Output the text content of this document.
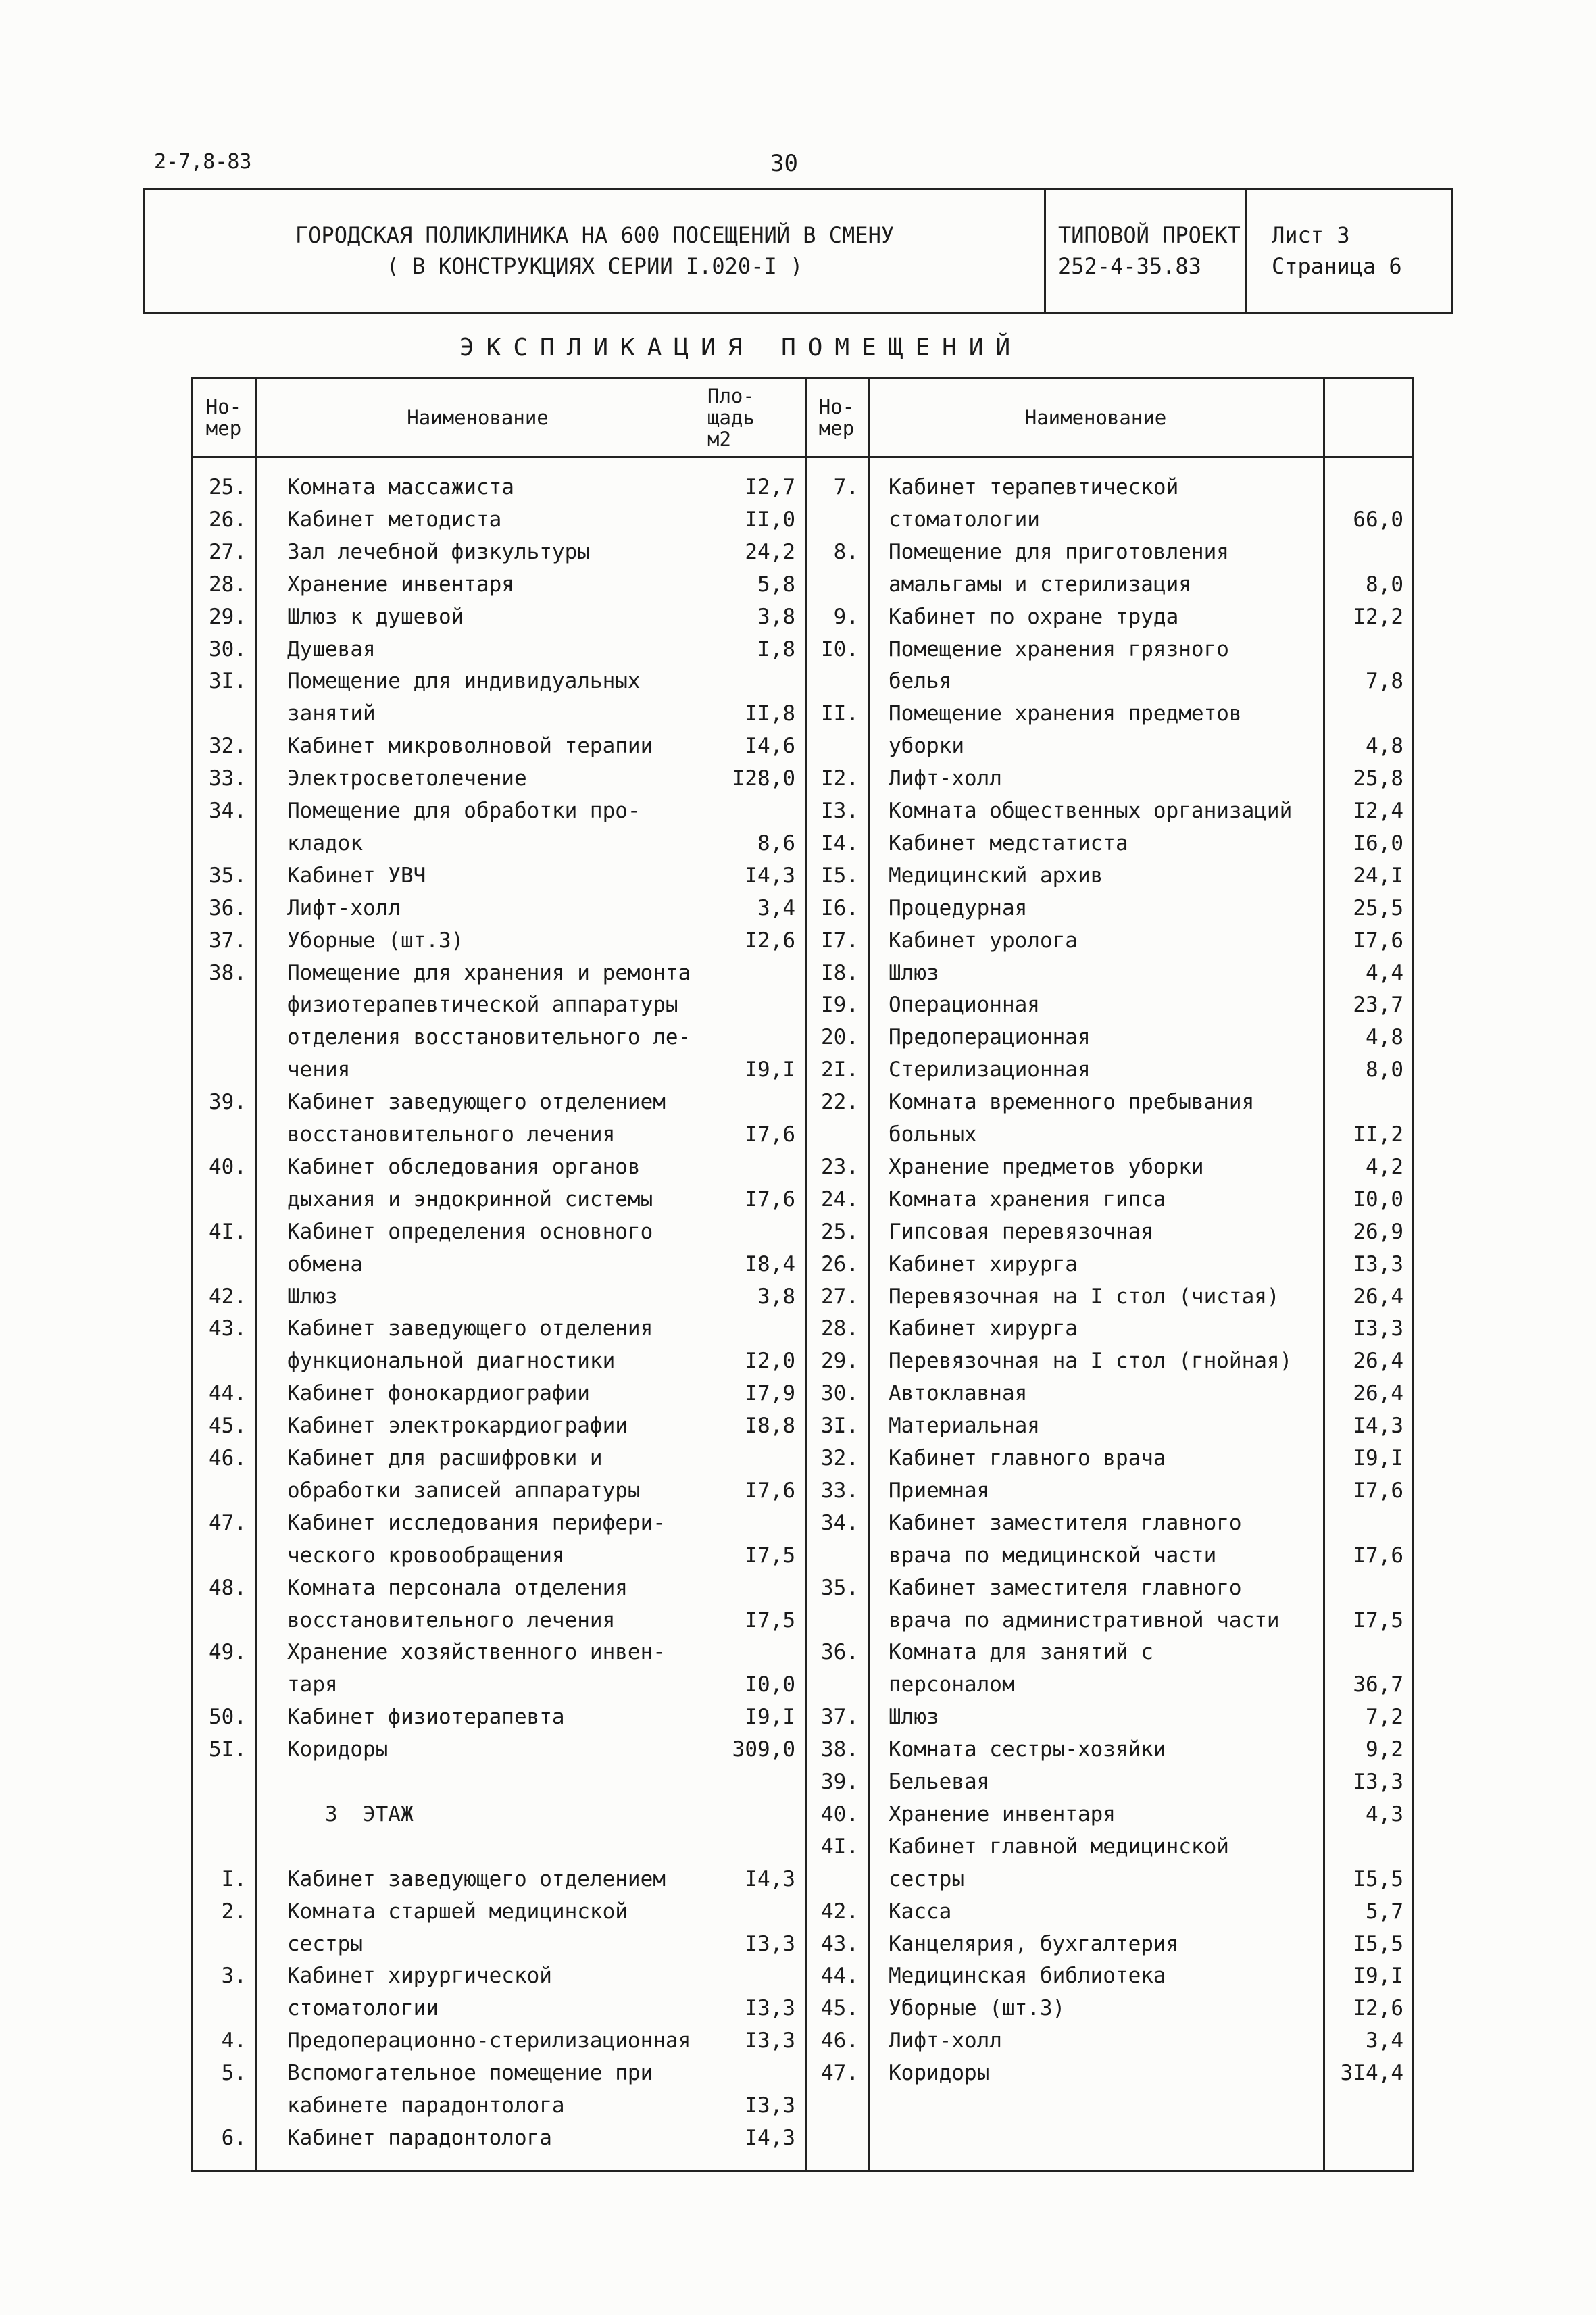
2-7,8-83	30
ГОРОДСКАЯ ПОЛИКЛИНИКА НА 600 ПОСЕЩЕНИЙ В СМЕНУ
( В КОНСТРУКЦИЯХ СЕРИИ I.020-I )
ТИПОВОЙ ПРОЕКТ
252-4-35.83
Лист 3
Страница 6
ЭКСПЛИКАЦИЯ ПОМЕЩЕНИЙ
Но-
мер	Наименование
Пло-
щадь
м2
Но-
мер	Наименование
25. Комната массажиста	I2,7
26. Кабинет методиста	II,0
27. Зал лечебной физкультуры	24,2
28. Хранение инвентаря	5,8
29. Шлюз к душевой	3,8
30. Душевая	I,8
3I. Помещение для индивидуальных
занятий	II,8
32. Кабинет микроволновой терапии	I4,6
33. Электросветолечение	I28,0
34. Помещение для обработки про-
кладок	8,6
35. Кабинет УВЧ	I4,3
36. Лифт-холл	3,4
37. Уборные (шт.3)	I2,6
38. Помещение для хранения и ремонта
физиотерапевтической аппаратуры
отделения восстановительного ле-
чения	I9,I
39. Кабинет заведующего отделением
восстановительного лечения	I7,6
40. Кабинет обследования органов
дыхания и эндокринной системы	I7,6
4I. Кабинет определения основного
обмена	I8,4
42. Шлюз	3,8
43. Кабинет заведующего отделения
функциональной диагностики	I2,0
44. Кабинет фонокардиографии	I7,9
45. Кабинет электрокардиографии	I8,8
46. Кабинет для расшифровки и
обработки записей аппаратуры	I7,6
47. Кабинет исследования перифери-
ческого кровообращения	I7,5
48. Комната персонала отделения
восстановительного лечения	I7,5
49. Хранение хозяйственного инвен-
таря	I0,0
50. Кабинет физиотерапевта	I9,I
5I. Коридоры	309,0
3  ЭТАЖ
I. Кабинет заведующего отделением	I4,3
2. Комната старшей медицинской
сестры	I3,3
3. Кабинет хирургической
стоматологии	I3,3
4. Предоперационно-стерилизационная	I3,3
5. Вспомогательное помещение при
кабинете парадонтолога	I3,3
6. Кабинет парадонтолога	I4,3
7. Кабинет терапевтической
стоматологии	66,0
8. Помещение для приготовления
амальгамы и стерилизация	8,0
9. Кабинет по охране труда	I2,2
I0. Помещение хранения грязного
белья	7,8
II. Помещение хранения предметов
уборки	4,8
I2. Лифт-холл	25,8
I3. Комната общественных организаций	I2,4
I4. Кабинет медстатиста	I6,0
I5. Медицинский архив	24,I
I6. Процедурная	25,5
I7. Кабинет уролога	I7,6
I8. Шлюз	4,4
I9. Операционная	23,7
20. Предоперационная	4,8
2I. Стерилизационная	8,0
22. Комната временного пребывания
больных	II,2
23. Хранение предметов уборки	4,2
24. Комната хранения гипса	I0,0
25. Гипсовая перевязочная	26,9
26. Кабинет хирурга	I3,3
27. Перевязочная на I стол (чистая)	26,4
28. Кабинет хирурга	I3,3
29. Перевязочная на I стол (гнойная)	26,4
30. Автоклавная	26,4
3I. Материальная	I4,3
32. Кабинет главного врача	I9,I
33. Приемная	I7,6
34. Кабинет заместителя главного
врача по медицинской части	I7,6
35. Кабинет заместителя главного
врача по административной части	I7,5
36. Комната для занятий с
персоналом	36,7
37. Шлюз	7,2
38. Комната сестры-хозяйки	9,2
39. Бельевая	I3,3
40. Хранение инвентаря	4,3
4I. Кабинет главной медицинской
сестры	I5,5
42. Касса	5,7
43. Канцелярия, бухгалтерия	I5,5
44. Медицинская библиотека	I9,I
45. Уборные (шт.3)	I2,6
46. Лифт-холл	3,4
47. Коридоры	3I4,4
